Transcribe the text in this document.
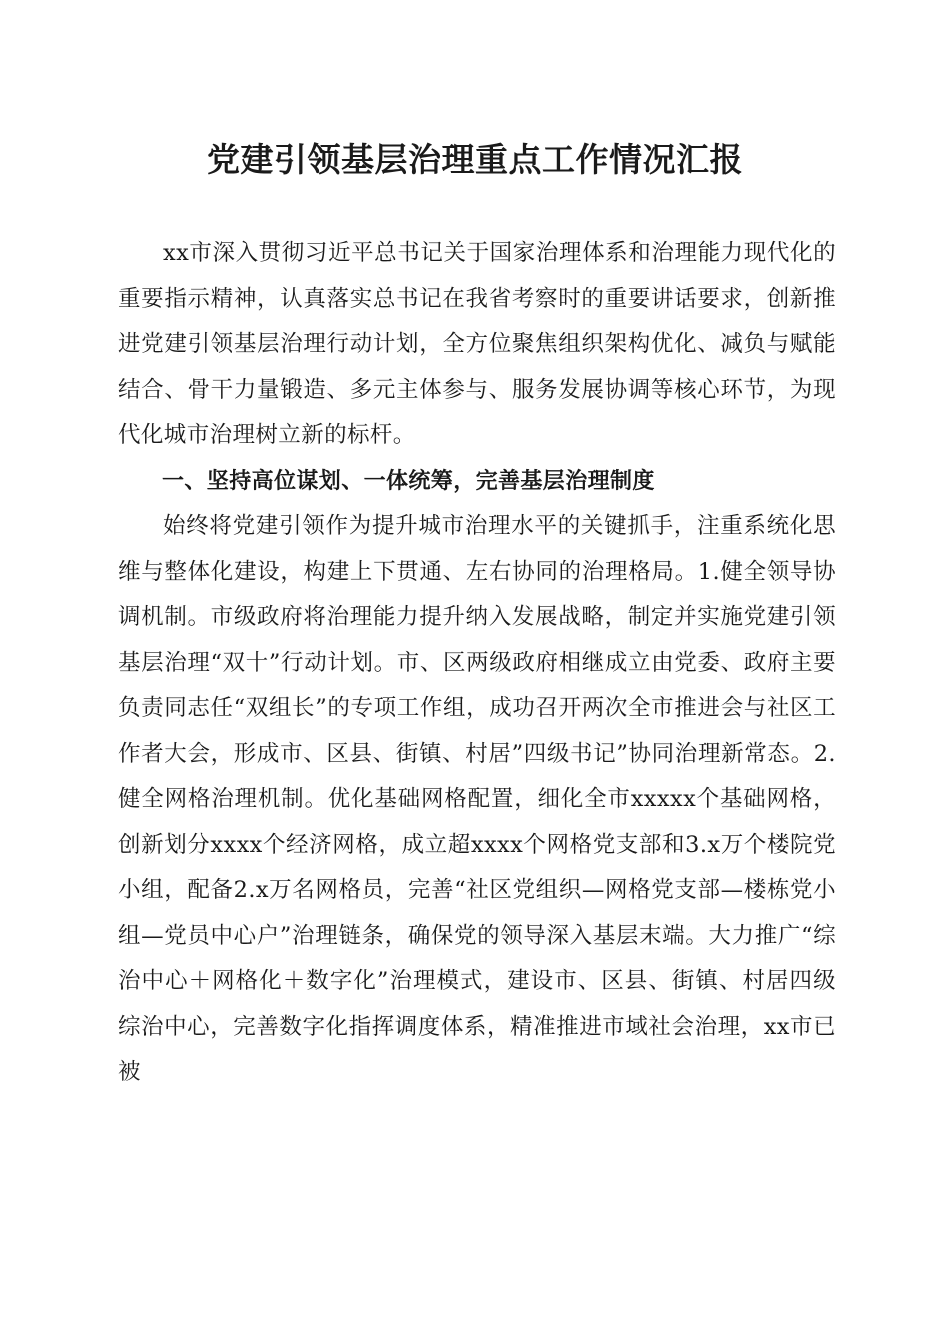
党建引领基层治理重点工作情况汇报

xx市深入贯彻习近平总书记关于国家治理体系和治理能力现代化的重要指示精神，认真落实总书记在我省考察时的重要讲话要求，创新推进党建引领基层治理行动计划，全方位聚焦组织架构优化、减负与赋能结合、骨干力量锻造、多元主体参与、服务发展协调等核心环节，为现代化城市治理树立新的标杆。

一、坚持高位谋划、一体统筹，完善基层治理制度

始终将党建引领作为提升城市治理水平的关键抓手，注重系统化思维与整体化建设，构建上下贯通、左右协同的治理格局。1.健全领导协调机制。市级政府将治理能力提升纳入发展战略，制定并实施党建引领基层治理“双十”行动计划。市、区两级政府相继成立由党委、政府主要负责同志任“双组长”的专项工作组，成功召开两次全市推进会与社区工作者大会，形成市、区县、街镇、村居”四级书记”协同治理新常态。2.健全网格治理机制。优化基础网格配置，细化全市xxxxx个基础网格，创新划分xxxx个经济网格，成立超xxxx个网格党支部和3.x万个楼院党小组，配备2.x万名网格员，完善“社区党组织—网格党支部—楼栋党小组—党员中心户”治理链条，确保党的领导深入基层末端。大力推广“综治中心＋网格化＋数字化”治理模式，建设市、区县、街镇、村居四级综治中心，完善数字化指挥调度体系，精准推进市域社会治理，xx市已被
